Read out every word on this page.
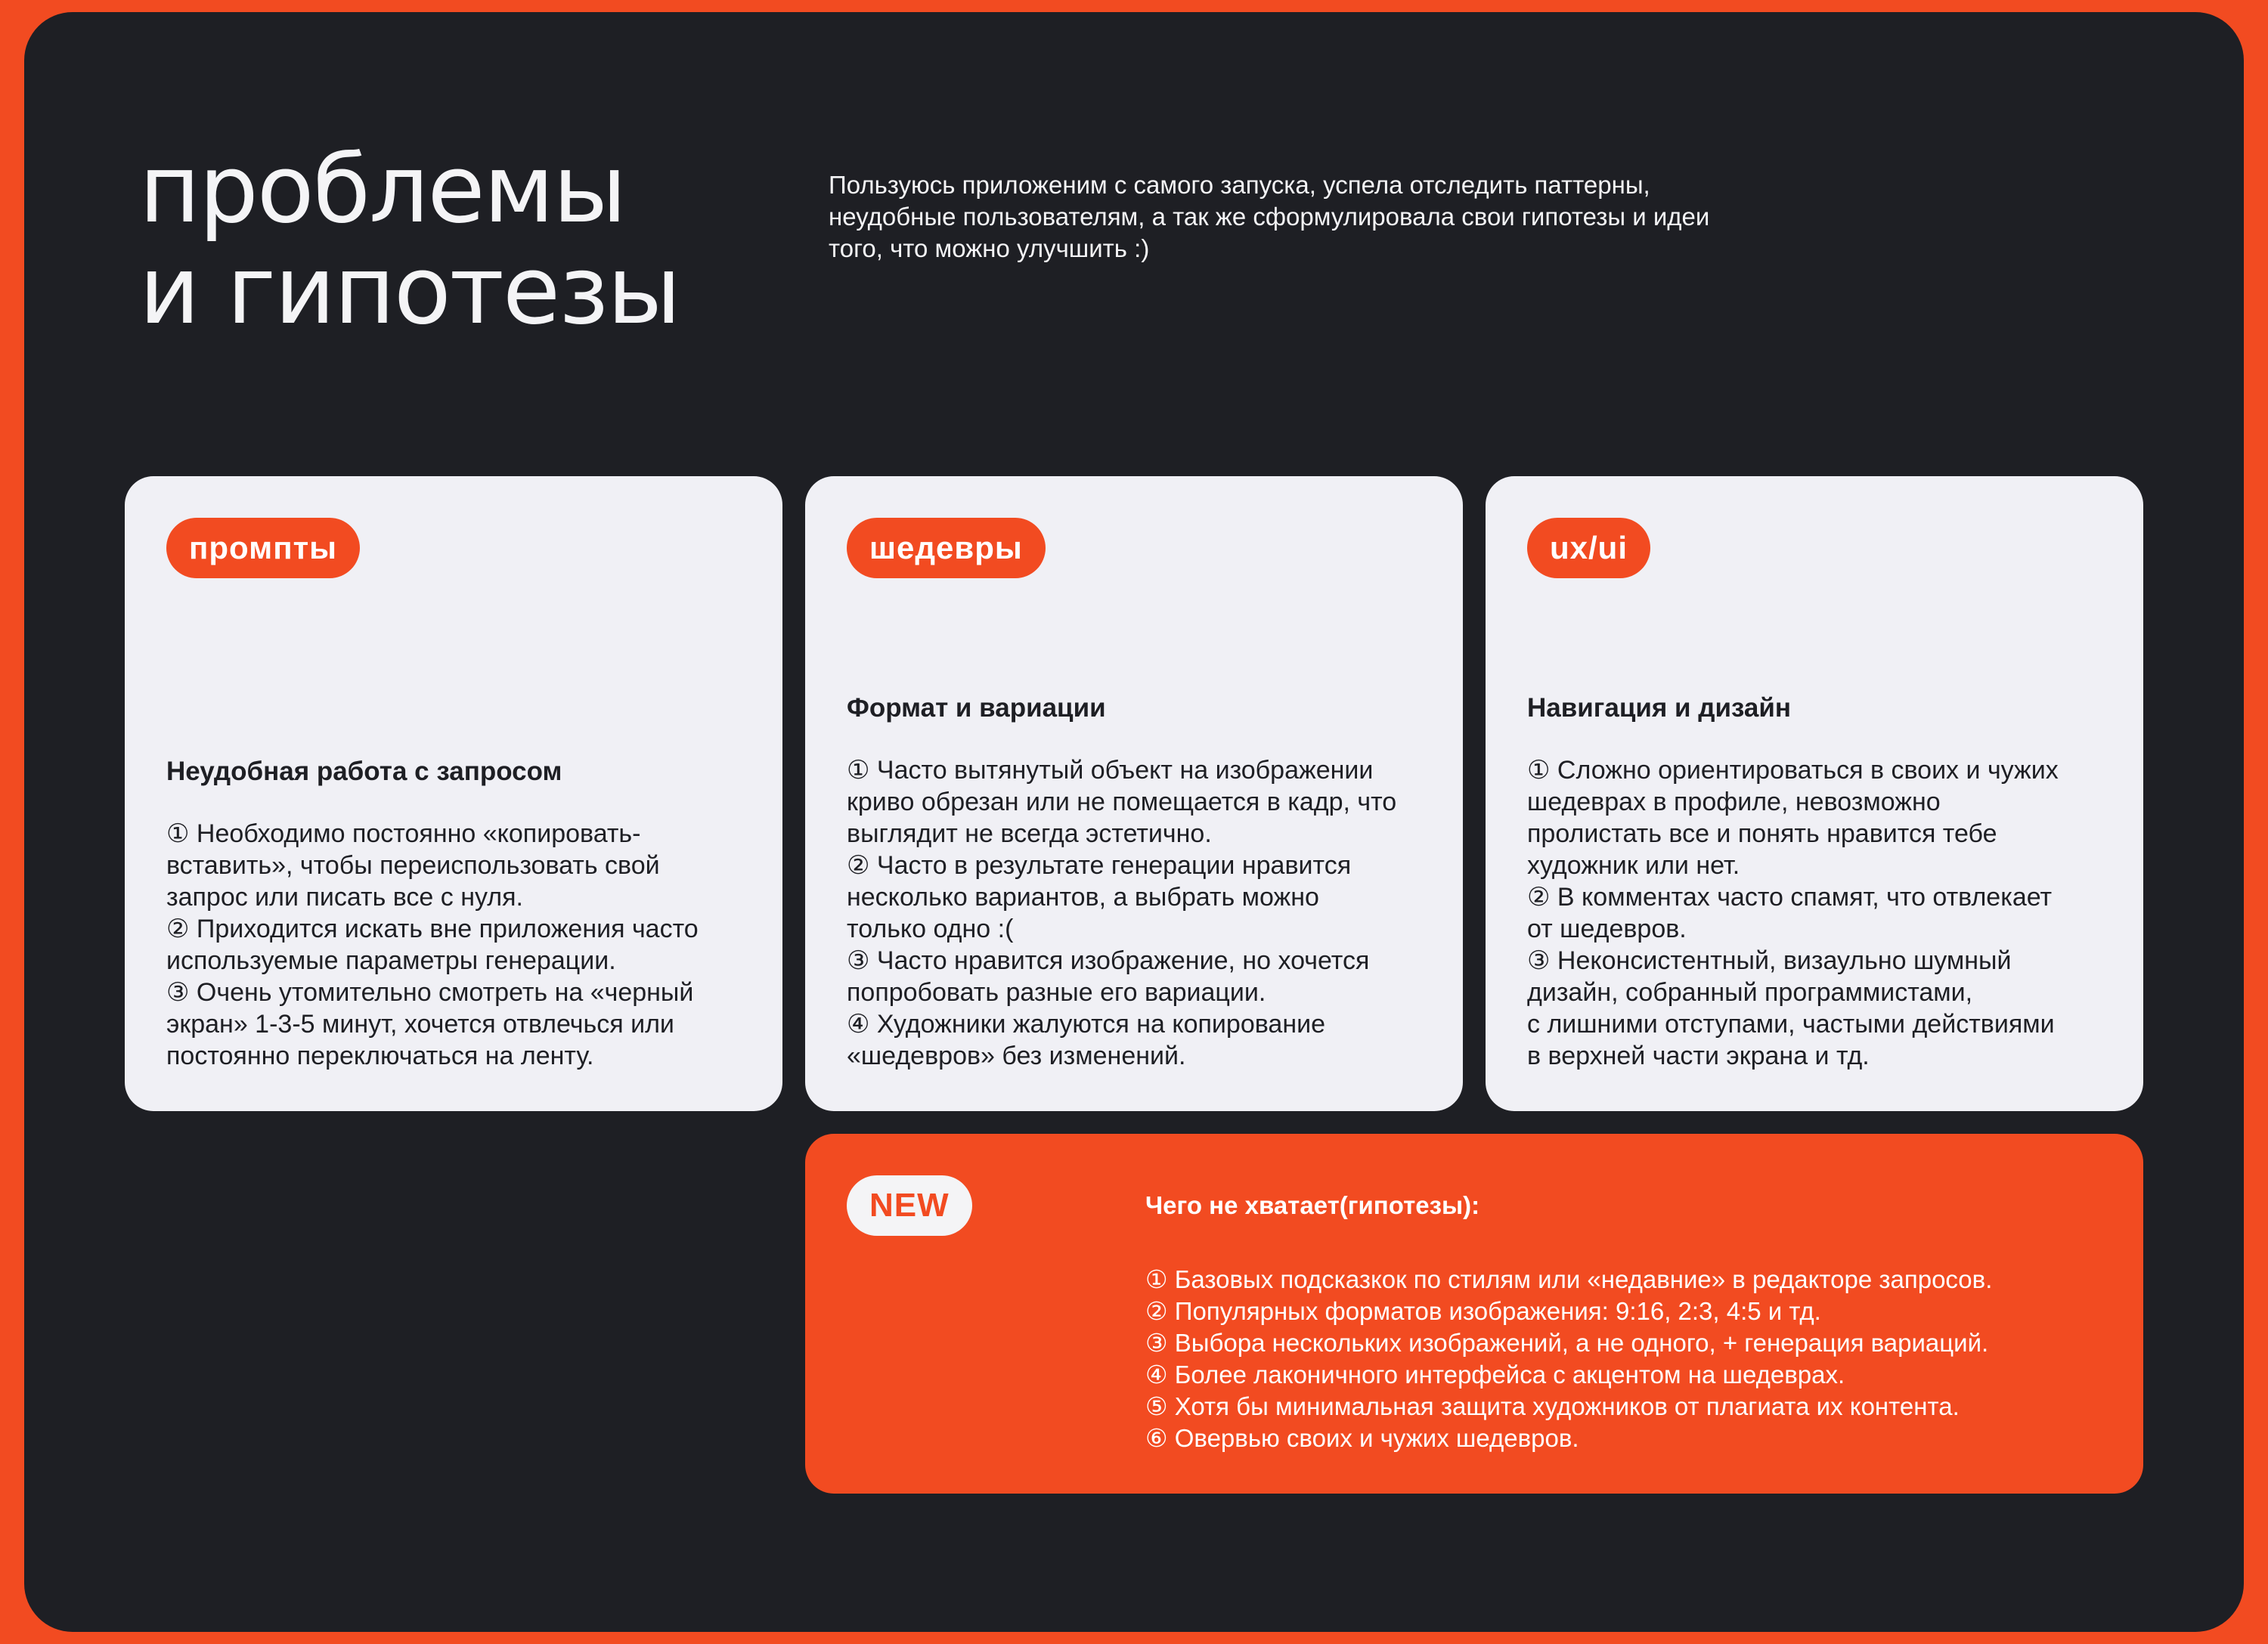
проблемы
и гипотезы

Пользуюсь приложеним с самого запуска, успела отследить паттерны,
неудобные пользователям, а так же сформулировала свои гипотезы и идеи
того, что можно улучшить :)

промпты

Неудобная работа с запросом

① Необходимо постоянно «копировать-
вставить», чтобы переиспользовать свой
запрос или писать все с нуля.
② Приходится искать вне приложения часто
используемые параметры генерации.
③ Очень утомительно смотреть на «черный
экран» 1-3-5 минут, хочется отвлечься или
постоянно переключаться на ленту.
шедевры

Формат и вариации

① Часто вытянутый объект на изображении
криво обрезан или не помещается в кадр, что
выглядит не всегда эстетично.
② Часто в результате генерации нравится
несколько вариантов, а выбрать можно
только одно :(
③ Часто нравится изображение, но хочется
попробовать разные его вариации.
④ Художники жалуются на копирование
«шедевров» без изменений.
ux/ui

Навигация и дизайн

① Сложно ориентироваться в своих и чужих
шедеврах в профиле, невозможно
пролистать все и понять нравится тебе
художник или нет.
② В комментах часто спамят, что отвлекает
от шедевров.
③ Неконсистентный, визаульно шумный
дизайн, собранный программистами,
с лишними отступами, частыми действиями
в верхней части экрана и тд.
NEW	Чего не хватает(гипотезы):

① Базовых подсказкок по стилям или «недавние» в редакторе запросов.
② Популярных форматов изображения: 9:16, 2:3, 4:5 и тд.
③ Выбора нескольких изображений, а не одного, + генерация вариаций.
④ Более лаконичного интерфейса с акцентом на шедеврах.
⑤ Хотя бы минимальная защита художников от плагиата их контента.
⑥ Овервью своих и чужих шедевров.
